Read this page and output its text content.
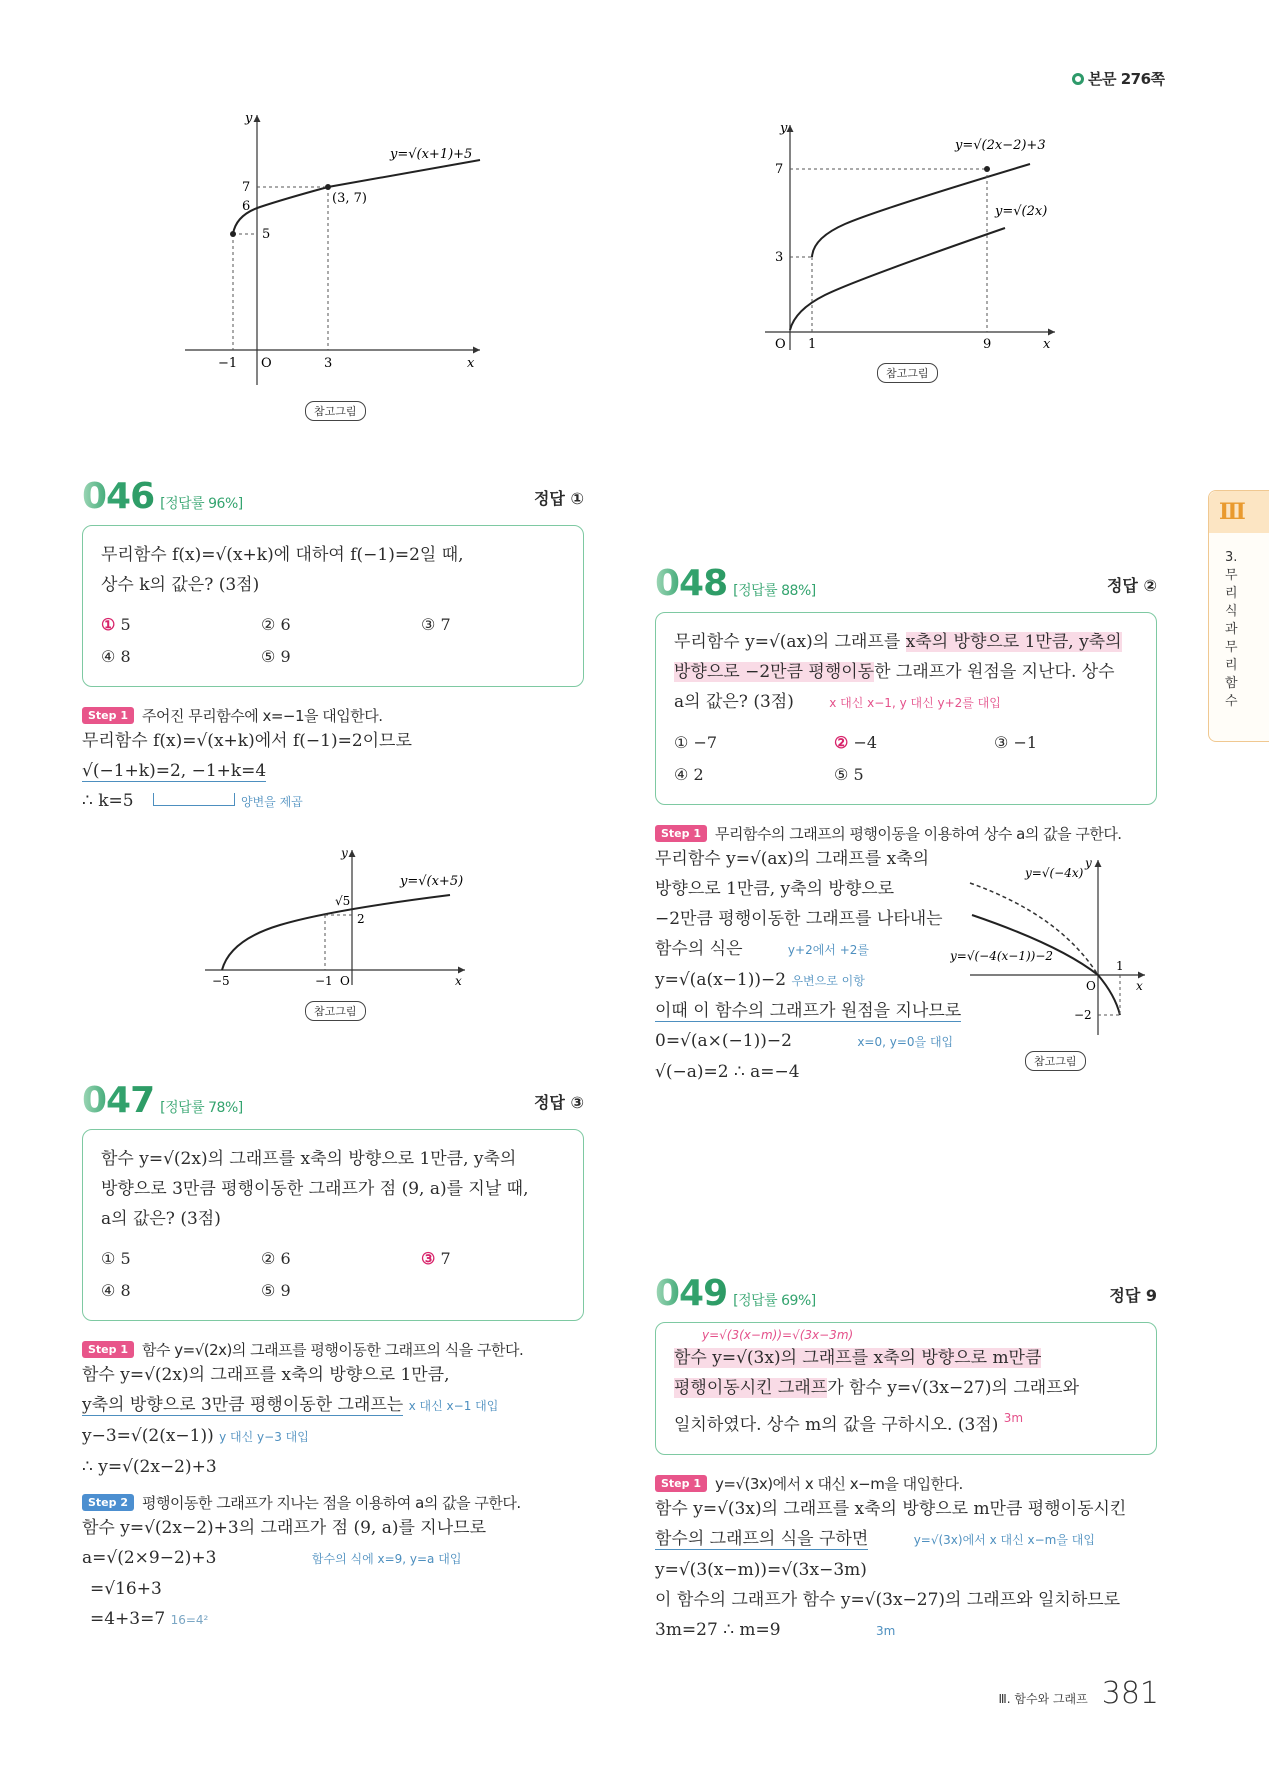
본문 276쪽
y=√(x+1)+5
7
6
5
(3, 7)
−1 O	3	x
y
참고그림
y=√(2x−2)+3
y=√(2x)
7
3
O 1	9	x
y
참고그림
Ⅲ
3. 무리식과 무리함수
046 [정답률 96%]	정답 ①
무리함수 f(x)=√(x+k)에 대하여 f(−1)=2일 때,
상수 k의 값은? (3점)
① 5	② 6	③ 7
④ 8	⑤ 9
Step 1 주어진 무리함수에 x=−1을 대입한다.
무리함수 f(x)=√(x+k)에서 f(−1)=2이므로
√(−1+k)=2, −1+k=4
∴ k=5	양변을 제곱
y=√(x+5)
√5
2
−5	−1 O	x
y
참고그림
047 [정답률 78%]	정답 ③
함수 y=√(2x)의 그래프를 x축의 방향으로 1만큼, y축의
방향으로 3만큼 평행이동한 그래프가 점 (9, a)를 지날 때,
a의 값은? (3점)
① 5	② 6	③ 7
④ 8	⑤ 9
Step 1 함수 y=√(2x)의 그래프를 평행이동한 그래프의 식을 구한다.
함수 y=√(2x)의 그래프를 x축의 방향으로 1만큼,
y축의 방향으로 3만큼 평행이동한 그래프는 x 대신 x−1 대입
y−3=√(2(x−1)) y 대신 y−3 대입
∴ y=√(2x−2)+3
Step 2 평행이동한 그래프가 지나는 점을 이용하여 a의 값을 구한다.
함수 y=√(2x−2)+3의 그래프가 점 (9, a)를 지나므로
a=√(2×9−2)+3	함수의 식에 x=9, y=a 대입
=√16+3
=4+3=7 16=4²
048 [정답률 88%]	정답 ②
무리함수 y=√(ax)의 그래프를 x축의 방향으로 1만큼, y축의
방향으로 −2만큼 평행이동한 그래프가 원점을 지난다. 상수
a의 값은? (3점)	x 대신 x−1, y 대신 y+2를 대입
① −7	② −4	③ −1
④ 2	⑤ 5
Step 1 무리함수의 그래프의 평행이동을 이용하여 상수 a의 값을 구한다.
무리함수 y=√(ax)의 그래프를 x축의
방향으로 1만큼, y축의 방향으로
−2만큼 평행이동한 그래프를 나타내는
함수의 식은	y+2에서 +2를
y=√(a(x−1))−2 우변으로 이항
이때 이 함수의 그래프가 원점을 지나므로
0=√(a×(−1))−2	x=0, y=0을 대입
√(−a)=2 ∴ a=−4
y=√(−4x)
y=√(−4(x−1))−2
1
O
−2
x
y
참고그림
049 [정답률 69%]	정답 9
y=√(3(x−m))=√(3x−3m)
함수 y=√(3x)의 그래프를 x축의 방향으로 m만큼
평행이동시킨 그래프가 함수 y=√(3x−27)의 그래프와
일치하였다. 상수 m의 값을 구하시오. (3점) $^{3m}$
Step 1 y=√(3x)에서 x 대신 x−m을 대입한다.
함수 y=√(3x)의 그래프를 x축의 방향으로 m만큼 평행이동시킨
함수의 그래프의 식을 구하면	y=√(3x)에서 x 대신 x−m을 대입
y=√(3(x−m))=√(3x−3m)
이 함수의 그래프가 함수 y=√(3x−27)의 그래프와 일치하므로
3m=27 ∴ m=9	3m
Ⅲ. 함수와 그래프 381
